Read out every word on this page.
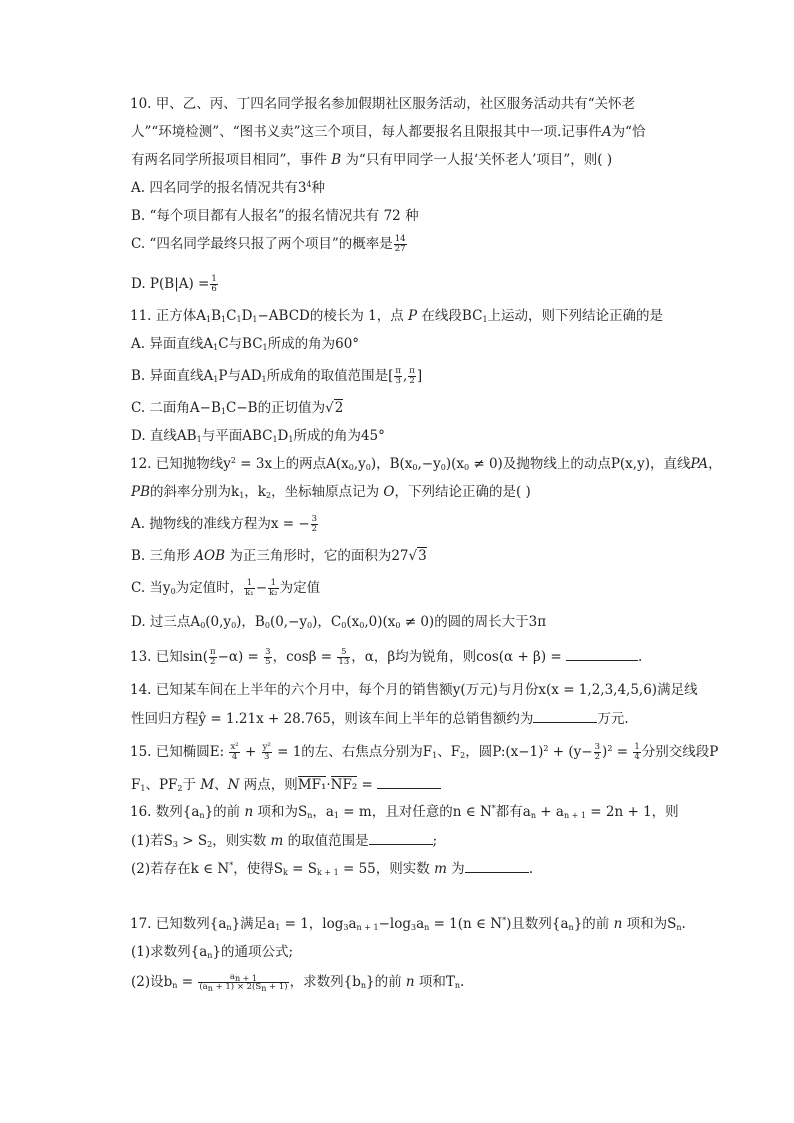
10. 甲、乙、丙、丁四名同学报名参加假期社区服务活动，社区服务活动共有“关怀老
人”“环境检测”、“图书义卖”这三个项目，每人都要报名且限报其中一项.记事件A为“恰
有两名同学所报项目相同”，事件 B 为“只有甲同学一人报‘关怀老人’项目”，则( )
A. 四名同学的报名情况共有$3^4$种
B. “每个项目都有人报名”的报名情况共有 72 种
C. “四名同学最终只报了两个项目”的概率是 $\frac{14}{27}$
D. $P(B|A) = \frac{1}{6}$
11. 正方体$A_1B_1C_1D_1-ABCD$的棱长为 1，点 P 在线段$BC_1$上运动，则下列结论正确的是
A. 异面直线$A_1C$与$BC_1$所成的角为60°
B. 异面直线$A_1P$与$AD_1$所成角的取值范围是[ $\frac{\pi}{3}$ , $\frac{\pi}{2}$ ]
C. 二面角$A-B_1C-B$的正切值为√2
D. 直线$AB_1$与平面$ABC_1D_1$所成的角为45°
12. 已知抛物线$y^2 = 3x$上的两点$A(x_0,y_0)$，$B(x_0,-y_0)(x_0 \ne 0)$及抛物线上的动点P(x,y)，直线PA，
PB的斜率分别为$k_1$，$k_2$，坐标轴原点记为 O，下列结论正确的是( )
A. 抛物线的准线方程为x = − $\frac{3}{2}$
B. 三角形 AOB 为正三角形时，它的面积为27√3
C. 当$y_0$为定值时， $\frac{1}{\text{k₁}} - \frac{1}{\text{k₂}}$ 为定值
D. 过三点$A_0(0,y_0)$，$B_0(0,-y_0)$，$C_0(x_0,0)(x_0 \ne 0)$的圆的周长大于3π
13. 已知$\sin( \frac{\pi}{2} -\alpha) = \frac{3}{5}$ ，$\cos\beta = \frac{5}{13}$ ，α，β均为锐角，则cos(α + β) =	.
14. 已知某车间在上半年的六个月中，每个月的销售额y(万元)与月份x(x = 1,2,3,4,5,6)满足线
性回归方程ŷ = 1.21x + 28.765，则该车间上半年的总销售额约为	万元.
15. 已知椭圆E: $\frac{\text{x²}}{4} + \frac{\text{y²}}{3} = 1$的左、右焦点分别为$F_1$、$F_2$，圆$P:(x-1)^2 + (y- \frac{3}{2} )^2 = \frac{1}{4}$ 分别交线段P
$F_1$、$PF_2$于 M、N 两点，则MF₁·NF₂ =
16. 数列$\{a_n\}$的前 n 项和为$S_n$，$a_1 = m$，且对任意的n ∈ N*都有$a_n + a_{n + 1} = 2n + 1$，则
(1)若$S_3 > S_2$，则实数 m 的取值范围是	;
(2)若存在k ∈ N*，使得$S_k = S_{k + 1} = 55$，则实数 m 为	.
17. 已知数列$\{a_n\}$满足$a_1 = 1$，$\log_3a_{n + 1}-\log_3a_n = 1(n$ ∈ N*)且数列$\{a_n\}$的前 n 项和为$S_n$.
(1)求数列$\{a_n\}$的通项公式;
(2)设$b_n = \frac{a_{n + 1}}{(a_n + 1) \times 2(S_n + 1)}$ ，求数列$\{b_n\}$的前 n 项和$T_n$.
